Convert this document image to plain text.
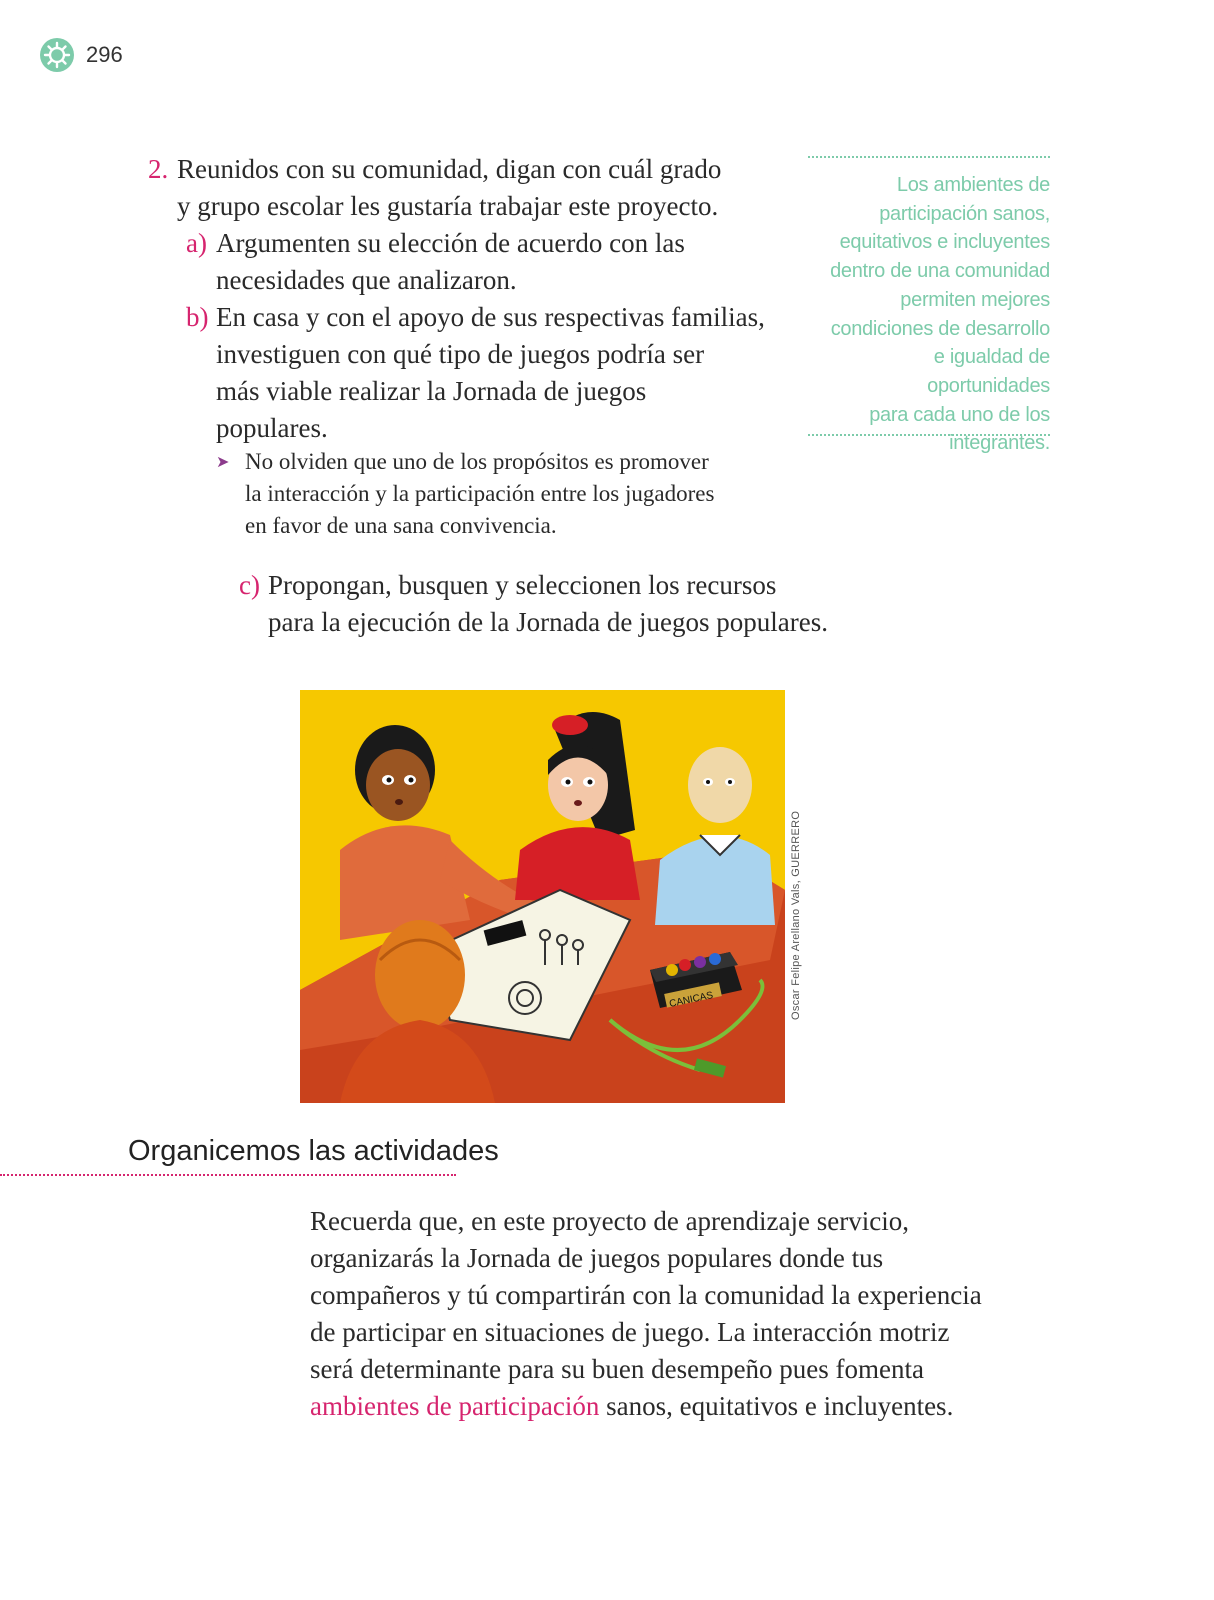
296
2. Reunidos con su comunidad, digan con cuál grado
y grupo escolar les gustaría trabajar este proyecto.
a) Argumenten su elección de acuerdo con las
necesidades que analizaron.
b) En casa y con el apoyo de sus respectivas familias,
investiguen con qué tipo de juegos podría ser
más viable realizar la Jornada de juegos
populares.
➤ No olviden que uno de los propósitos es promover
la interacción y la participación entre los jugadores
en favor de una sana convivencia.
c) Propongan, busquen y seleccionen los recursos
para la ejecución de la Jornada de juegos populares.
Los ambientes de
participación sanos,
equitativos e incluyentes
dentro de una comunidad
permiten mejores
condiciones de desarrollo
e igualdad de oportunidades
para cada uno de los
integrantes.
CANICAS	Oscar Felipe Arellano Vals, GUERRERO
Organicemos las actividades
Recuerda que, en este proyecto de aprendizaje servicio,
organizarás la Jornada de juegos populares donde tus
compañeros y tú compartirán con la comunidad la experiencia
de participar en situaciones de juego. La interacción motriz
será determinante para su buen desempeño pues fomenta
ambientes de participación sanos, equitativos e incluyentes.
